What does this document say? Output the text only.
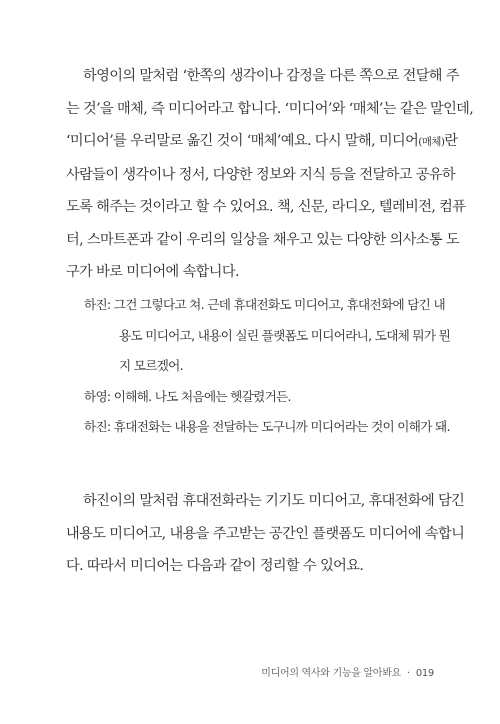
하영이의 말처럼 ‘한쪽의 생각이나 감정을 다른 쪽으로 전달해 주
는 것’을 매체, 즉 미디어라고 합니다. ‘미디어’와 ‘매체’는 같은 말인데,
‘미디어’를 우리말로 옮긴 것이 ‘매체’예요. 다시 말해, 미디어(매체)란
사람들이 생각이나 정서, 다양한 정보와 지식 등을 전달하고 공유하
도록 해주는 것이라고 할 수 있어요. 책, 신문, 라디오, 텔레비전, 컴퓨
터, 스마트폰과 같이 우리의 일상을 채우고 있는 다양한 의사소통 도
구가 바로 미디어에 속합니다.
하진: 그건 그렇다고 쳐. 근데 휴대전화도 미디어고, 휴대전화에 담긴 내
용도 미디어고, 내용이 실린 플랫폼도 미디어라니, 도대체 뭐가 뭔
지 모르겠어.
하영: 이해해. 나도 처음에는 헷갈렸거든.
하진: 휴대전화는 내용을 전달하는 도구니까 미디어라는 것이 이해가 돼.
하진이의 말처럼 휴대전화라는 기기도 미디어고, 휴대전화에 담긴
내용도 미디어고, 내용을 주고받는 공간인 플랫폼도 미디어에 속합니
다. 따라서 미디어는 다음과 같이 정리할 수 있어요.
미디어의 역사와 기능을 알아봐요 · 019
